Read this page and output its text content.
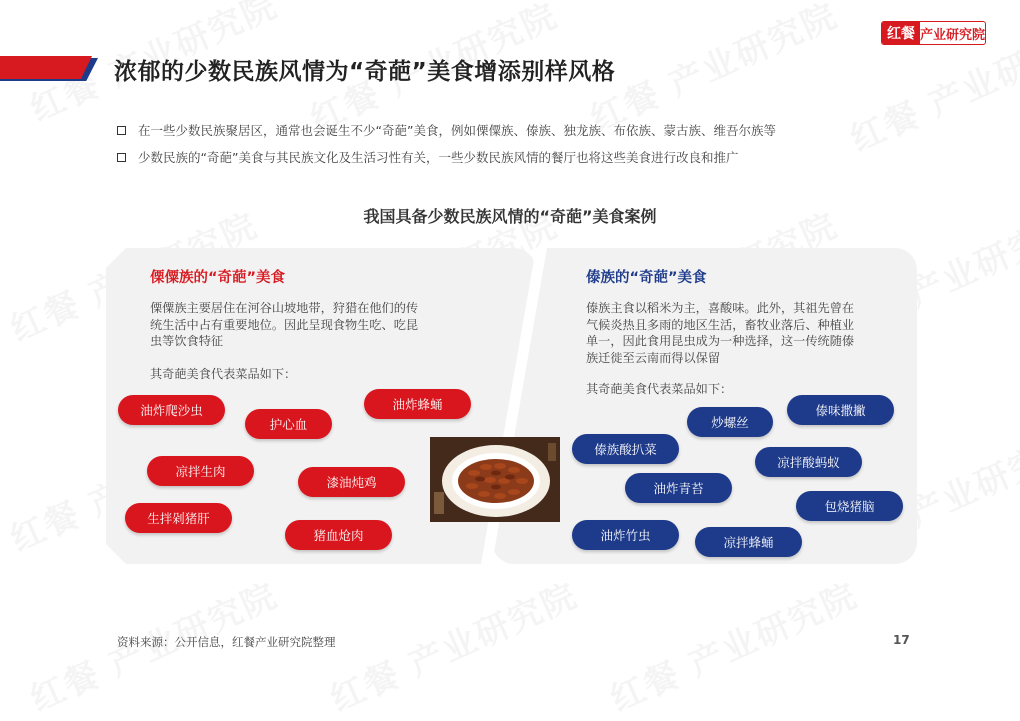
红餐 产业研究院
浓郁的少数民族风情为“奇葩”美食增添别样风格
在一些少数民族聚居区，通常也会诞生不少“奇葩”美食，例如傈僳族、傣族、独龙族、布依族、蒙古族、维吾尔族等
少数民族的“奇葩”美食与其民族文化及生活习性有关，一些少数民族风情的餐厅也将这些美食进行改良和推广
我国具备少数民族风情的“奇葩”美食案例
傈僳族的“奇葩”美食
傈僳族主要居住在河谷山坡地带，狩猎在他们的传
统生活中占有重要地位。因此呈现食物生吃、吃昆
虫等饮食特征
其奇葩美食代表菜品如下：
油炸爬沙虫
护心血
油炸蜂蛹
凉拌生肉
漆油炖鸡
生拌剁猪肝
猪血炝肉
傣族的“奇葩”美食
傣族主食以稻米为主，喜酸味。此外，其祖先曾在
气候炎热且多雨的地区生活，畜牧业落后、种植业
单一，因此食用昆虫成为一种选择，这一传统随傣
族迁徙至云南而得以保留
其奇葩美食代表菜品如下：
炒螺丝
傣味撒撇
傣族酸扒菜
凉拌酸蚂蚁
油炸青苔
包烧猪脑
油炸竹虫	凉拌蜂蛹
资料来源：公开信息，红餐产业研究院整理	17
